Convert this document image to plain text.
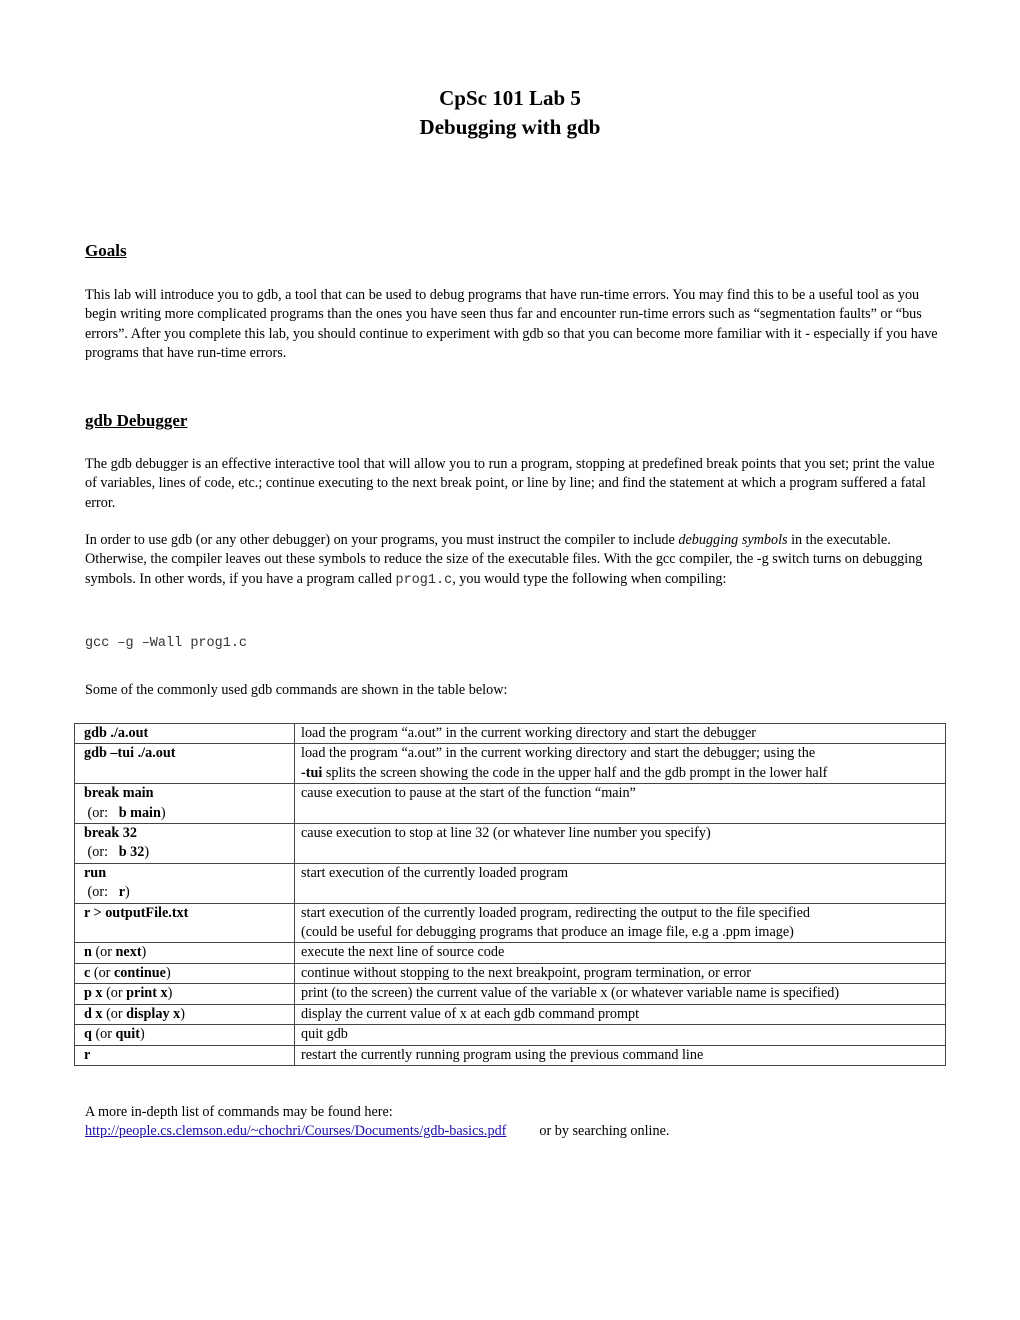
CpSc 101 Lab 5
Debugging with gdb
Goals
This lab will introduce you to gdb, a tool that can be used to debug programs that have run-time errors. You may find this to be a useful tool as you begin writing more complicated programs than the ones you have seen thus far and encounter run-time errors such as “segmentation faults” or “bus errors”. After you complete this lab, you should continue to experiment with gdb so that you can become more familiar with it - especially if you have programs that have run-time errors.
gdb Debugger
The gdb debugger is an effective interactive tool that will allow you to run a program, stopping at predefined break points that you set; print the value of variables, lines of code, etc.; continue executing to the next break point, or line by line; and find the statement at which a program suffered a fatal error.
In order to use gdb (or any other debugger) on your programs, you must instruct the compiler to include debugging symbols in the executable. Otherwise, the compiler leaves out these symbols to reduce the size of the executable files. With the gcc compiler, the -g switch turns on debugging symbols. In other words, if you have a program called prog1.c, you would type the following when compiling:
gcc –g –Wall prog1.c
Some of the commonly used gdb commands are shown in the table below:
gdb ./a.out	load the program “a.out” in the current working directory and start the debugger
gdb –tui ./a.out	load the program “a.out” in the current working directory and start the debugger; using the
-tui splits the screen showing the code in the upper half and the gdb prompt in the lower half

break main
(or:   b main)	cause execution to pause at the start of the function “main”

break 32
(or:   b 32)	cause execution to stop at line 32 (or whatever line number you specify)

run
(or:   r)	start execution of the currently loaded program
r > outputFile.txt	start execution of the currently loaded program, redirecting the output to the file specified
(could be useful for debugging programs that produce an image file, e.g a .ppm image)

n (or next)	execute the next line of source code
c (or continue)	continue without stopping to the next breakpoint, program termination, or error
p x (or print x)	print (to the screen) the current value of the variable x (or whatever variable name is specified)
d x (or display x)	display the current value of x at each gdb command prompt
q (or quit)	quit gdb
r	restart the currently running program using the previous command line
A more in-depth list of commands may be found here:
http://people.cs.clemson.edu/~chochri/Courses/Documents/gdb-basics.pdf or by searching online.
